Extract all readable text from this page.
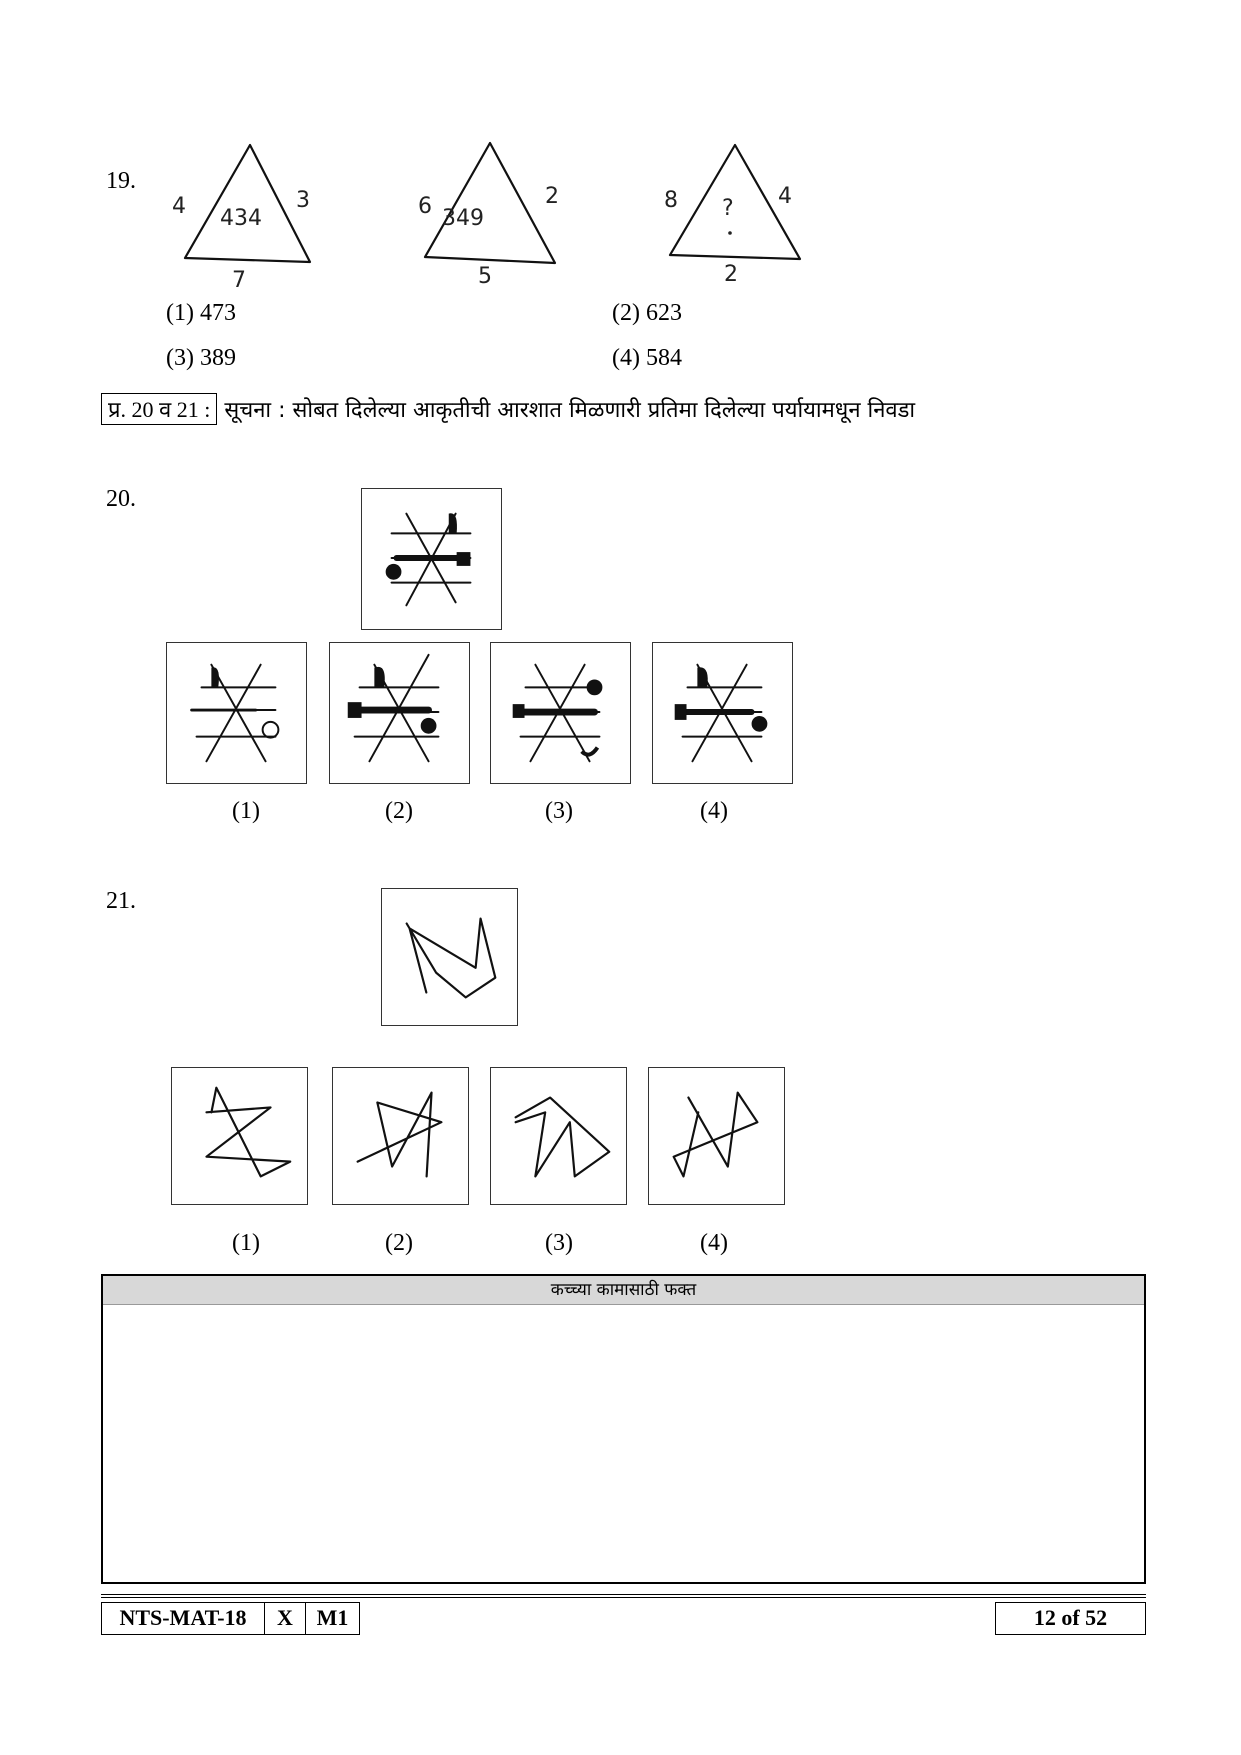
19.
4	3
434
7
6	2
349
5
8	4
?
2
(1) 473	(2) 623
(3) 389	(4) 584
प्र. 20 व 21 : सूचना : सोबत दिलेल्या आकृतीची आरशात मिळणारी प्रतिमा दिलेल्या पर्यायामधून निवडा
20.
(1)	(2)	(3)	(4)
21.
(1)	(2)	(3)	(4)
कच्च्या कामासाठी फक्त
NTS-MAT-18	X	M1	12 of 52
